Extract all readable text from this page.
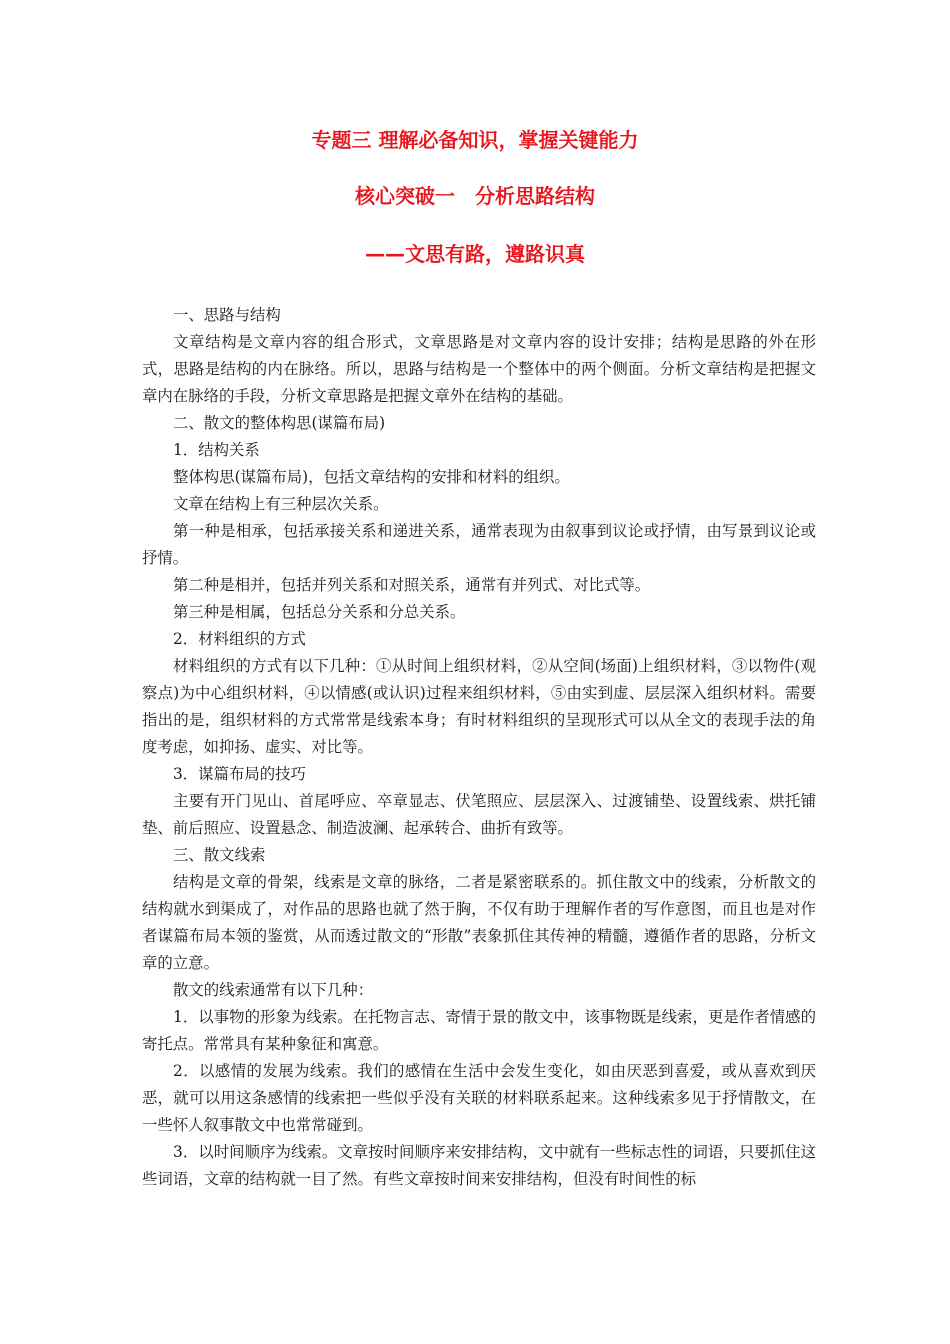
专题三 理解必备知识，掌握关键能力
核心突破一　分析思路结构
——文思有路，遵路识真

一、思路与结构

文章结构是文章内容的组合形式，文章思路是对文章内容的设计安排；结构是思路的外在形式，思路是结构的内在脉络。所以，思路与结构是一个整体中的两个侧面。分析文章结构是把握文章内在脉络的手段，分析文章思路是把握文章外在结构的基础。

二、散文的整体构思(谋篇布局)

1．结构关系

整体构思(谋篇布局)，包括文章结构的安排和材料的组织。

文章在结构上有三种层次关系。

第一种是相承，包括承接关系和递进关系，通常表现为由叙事到议论或抒情，由写景到议论或抒情。

第二种是相并，包括并列关系和对照关系，通常有并列式、对比式等。

第三种是相属，包括总分关系和分总关系。

2．材料组织的方式

材料组织的方式有以下几种：①从时间上组织材料，②从空间(场面)上组织材料，③以物件(观察点)为中心组织材料，④以情感(或认识)过程来组织材料，⑤由实到虚、层层深入组织材料。需要指出的是，组织材料的方式常常是线索本身；有时材料组织的呈现形式可以从全文的表现手法的角度考虑，如抑扬、虚实、对比等。

3．谋篇布局的技巧

主要有开门见山、首尾呼应、卒章显志、伏笔照应、层层深入、过渡铺垫、设置线索、烘托铺垫、前后照应、设置悬念、制造波澜、起承转合、曲折有致等。

三、散文线索

结构是文章的骨架，线索是文章的脉络，二者是紧密联系的。抓住散文中的线索，分析散文的结构就水到渠成了，对作品的思路也就了然于胸，不仅有助于理解作者的写作意图，而且也是对作者谋篇布局本领的鉴赏，从而透过散文的“形散”表象抓住其传神的精髓，遵循作者的思路，分析文章的立意。

散文的线索通常有以下几种：

1．以事物的形象为线索。在托物言志、寄情于景的散文中，该事物既是线索，更是作者情感的寄托点。常常具有某种象征和寓意。

2．以感情的发展为线索。我们的感情在生活中会发生变化，如由厌恶到喜爱，或从喜欢到厌恶，就可以用这条感情的线索把一些似乎没有关联的材料联系起来。这种线索多见于抒情散文，在一些怀人叙事散文中也常常碰到。

3．以时间顺序为线索。文章按时间顺序来安排结构，文中就有一些标志性的词语，只要抓住这些词语，文章的结构就一目了然。有些文章按时间来安排结构，但没有时间性的标
